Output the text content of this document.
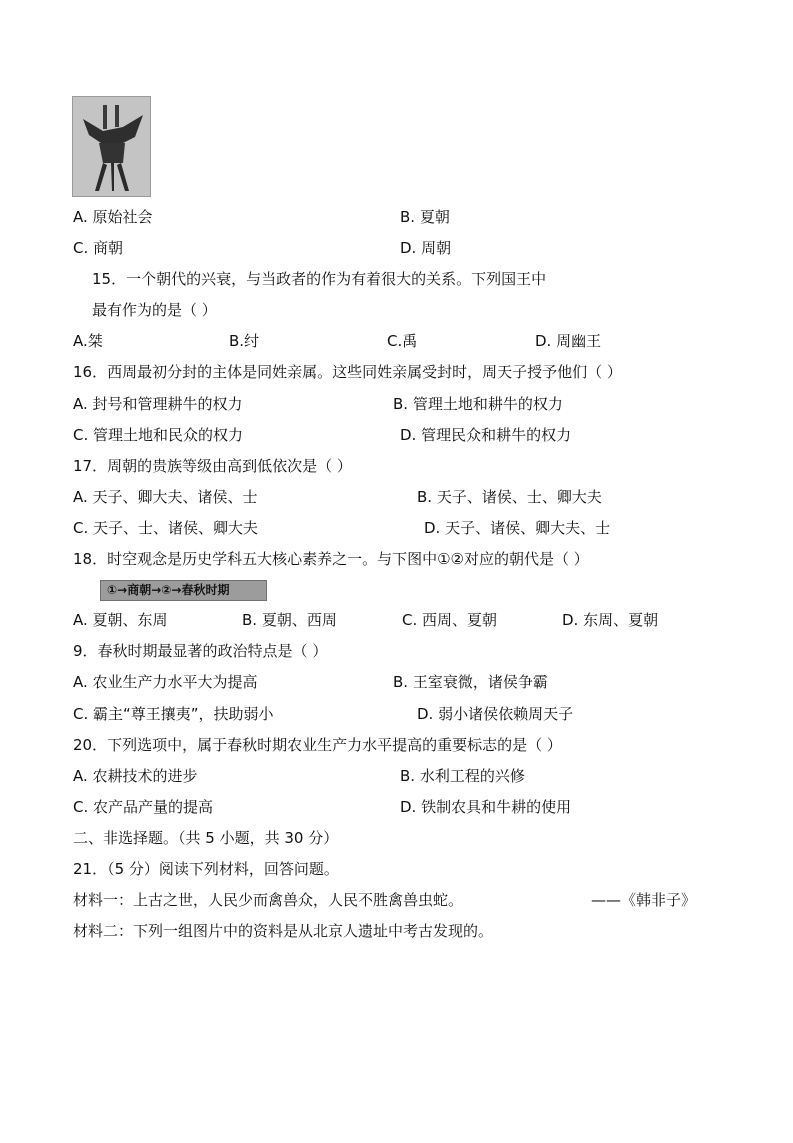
A. 原始社会	B. 夏朝
C. 商朝	D. 周朝
15．一个朝代的兴衰，与当政者的作为有着很大的关系。下列国王中
最有作为的是（ ）
A.桀	B.纣	C.禹	D. 周幽王
16．西周最初分封的主体是同姓亲属。这些同姓亲属受封时，周天子授予他们（ ）
A. 封号和管理耕牛的权力	B. 管理土地和耕牛的权力
C. 管理土地和民众的权力	D. 管理民众和耕牛的权力
17．周朝的贵族等级由高到低依次是（ ）
A. 天子、卿大夫、诸侯、士	B. 天子、诸侯、士、卿大夫
C. 天子、士、诸侯、卿大夫	D. 天子、诸侯、卿大夫、士
18．时空观念是历史学科五大核心素养之一。与下图中①②对应的朝代是（ ）
①→商朝→②→春秋时期
A. 夏朝、东周	B. 夏朝、西周	C. 西周、夏朝	D. 东周、夏朝
9．春秋时期最显著的政治特点是（ ）
A. 农业生产力水平大为提高	B. 王室衰微，诸侯争霸
C. 霸主“尊王攘夷”，扶助弱小	D. 弱小诸侯依赖周天子
20．下列选项中，属于春秋时期农业生产力水平提高的重要标志的是（ ）
A. 农耕技术的进步	B. 水利工程的兴修
C. 农产品产量的提高	D. 铁制农具和牛耕的使用
二、非选择题。（共 5 小题，共 30 分）
21．（5 分）阅读下列材料，回答问题。
材料一：上古之世，人民少而禽兽众，人民不胜禽兽虫蛇。	——《韩非子》
材料二：下列一组图片中的资料是从北京人遗址中考古发现的。
